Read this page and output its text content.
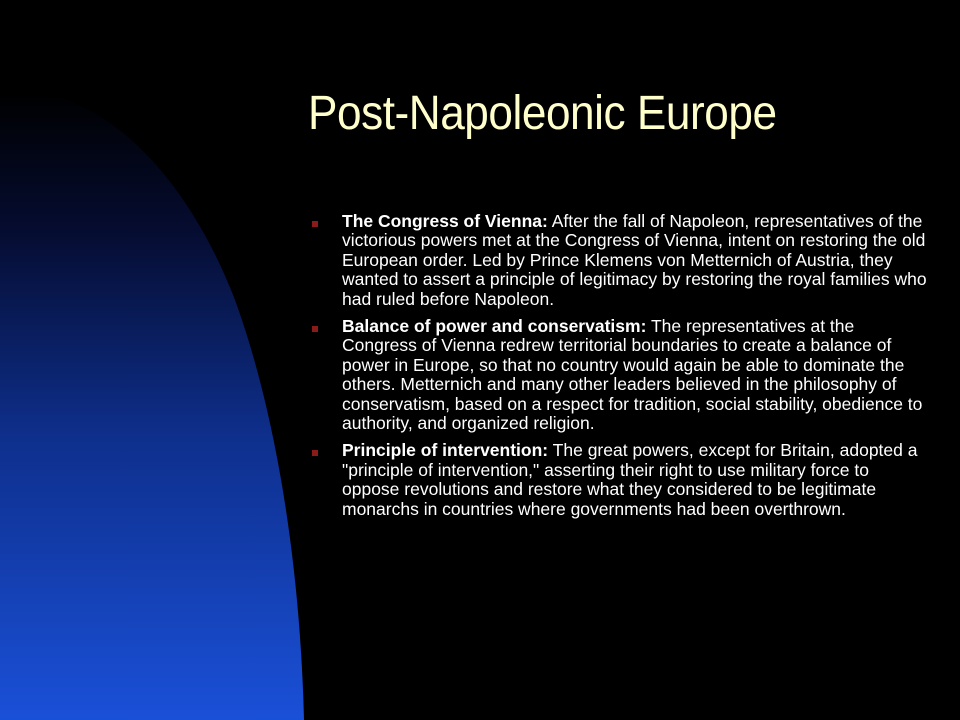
Post-Napoleonic Europe
The Congress of Vienna: After the fall of Napoleon, representatives of the victorious powers met at the Congress of Vienna, intent on restoring the old European order. Led by Prince Klemens von Metternich of Austria, they wanted to assert a principle of legitimacy by restoring the royal families who had ruled before Napoleon.
Balance of power and conservatism: The representatives at the Congress of Vienna redrew territorial boundaries to create a balance of power in Europe, so that no country would again be able to dominate the others. Metternich and many other leaders believed in the philosophy of conservatism, based on a respect for tradition, social stability, obedience to authority, and organized religion.
Principle of intervention: The great powers, except for Britain, adopted a "principle of intervention," asserting their right to use military force to oppose revolutions and restore what they considered to be legitimate monarchs in countries where governments had been overthrown.
